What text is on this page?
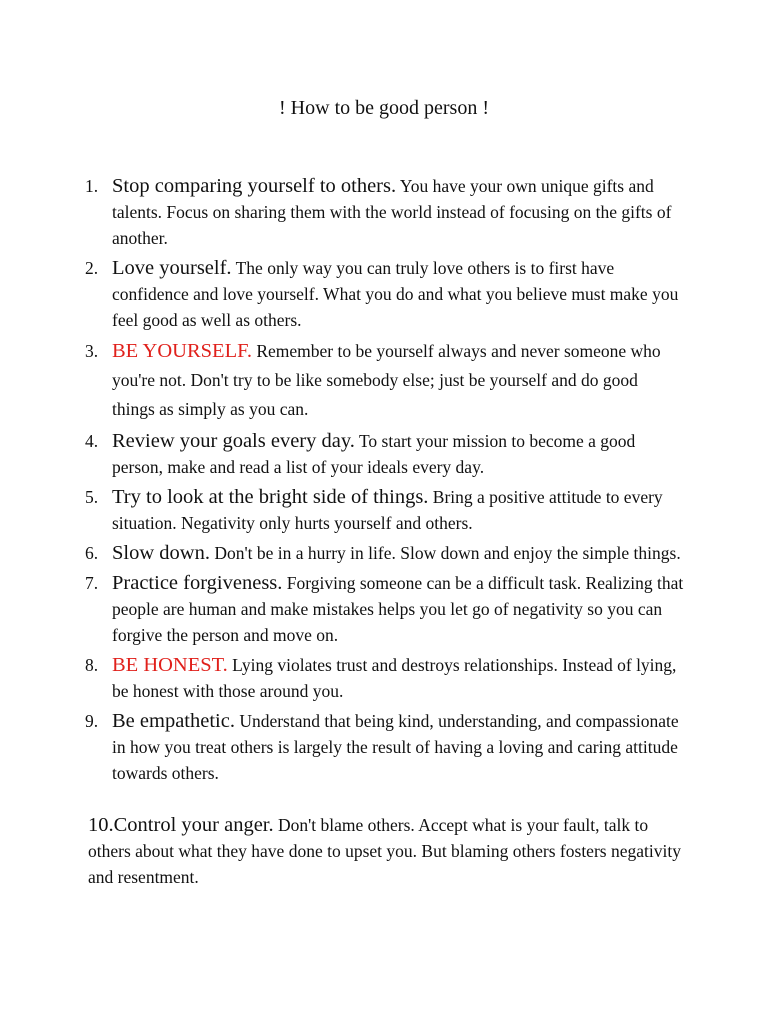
! How to be good person !
1. Stop comparing yourself to others. You have your own unique gifts and talents. Focus on sharing them with the world instead of focusing on the gifts of another.
2. Love yourself. The only way you can truly love others is to first have confidence and love yourself. What you do and what you believe must make you feel good as well as others.
3. BE YOURSELF. Remember to be yourself always and never someone who you're not. Don't try to be like somebody else; just be yourself and do good things as simply as you can.
4. Review your goals every day. To start your mission to become a good person, make and read a list of your ideals every day.
5. Try to look at the bright side of things. Bring a positive attitude to every situation. Negativity only hurts yourself and others.
6. Slow down. Don't be in a hurry in life. Slow down and enjoy the simple things.
7. Practice forgiveness. Forgiving someone can be a difficult task. Realizing that people are human and make mistakes helps you let go of negativity so you can forgive the person and move on.
8. BE HONEST. Lying violates trust and destroys relationships. Instead of lying, be honest with those around you.
9. Be empathetic. Understand that being kind, understanding, and compassionate in how you treat others is largely the result of having a loving and caring attitude towards others.
10.Control your anger. Don't blame others. Accept what is your fault, talk to others about what they have done to upset you. But blaming others fosters negativity and resentment.
